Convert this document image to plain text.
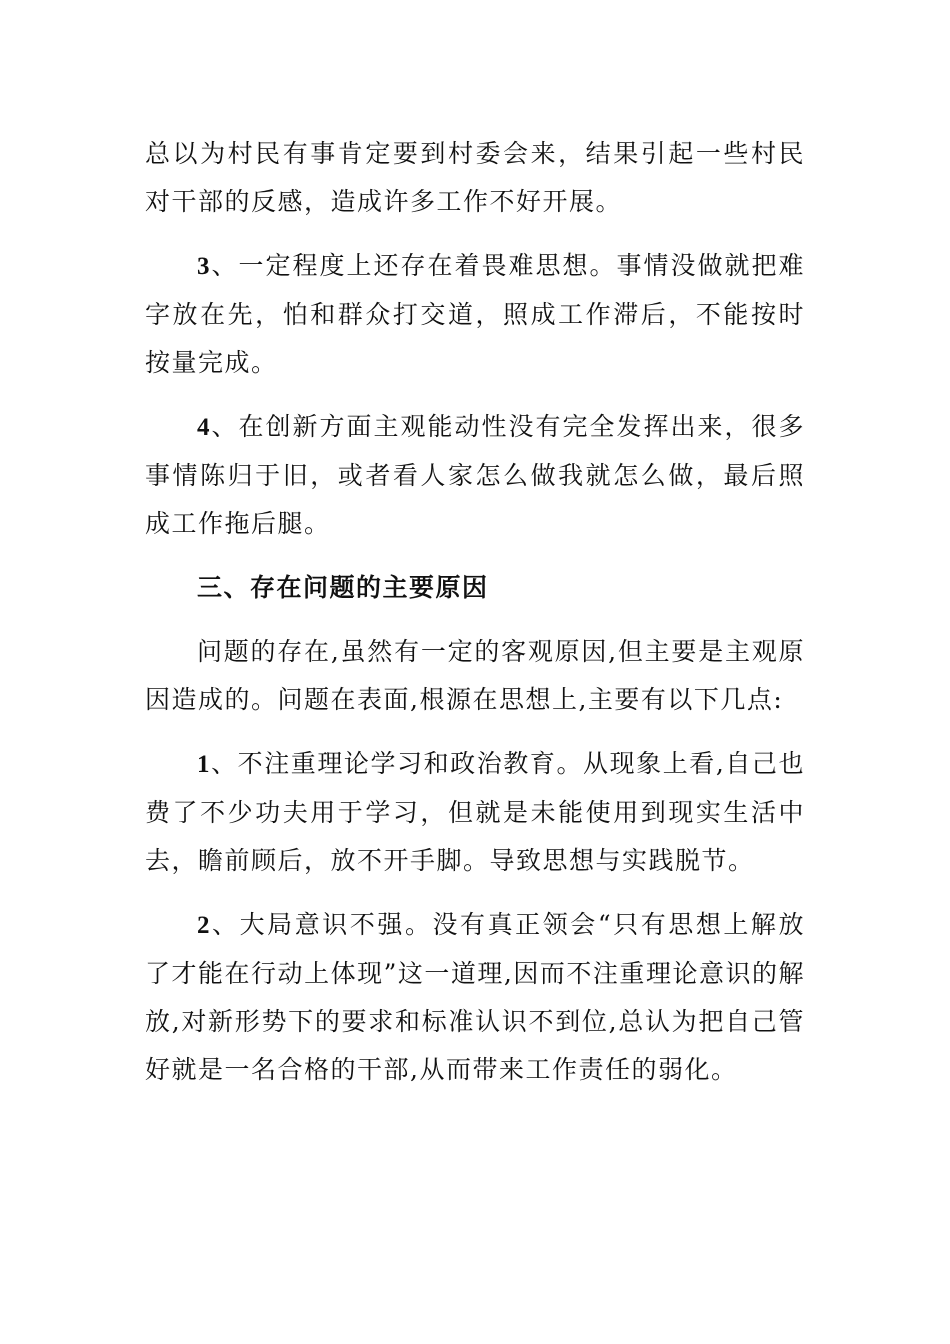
总以为村民有事肯定要到村委会来，结果引起一些村民对干部的反感，造成许多工作不好开展。

3、一定程度上还存在着畏难思想。事情没做就把难字放在先，怕和群众打交道，照成工作滞后，不能按时按量完成。

4、在创新方面主观能动性没有完全发挥出来，很多事情陈归于旧，或者看人家怎么做我就怎么做，最后照成工作拖后腿。

三、存在问题的主要原因

问题的存在,虽然有一定的客观原因,但主要是主观原因造成的。问题在表面,根源在思想上,主要有以下几点:

1、不注重理论学习和政治教育。从现象上看,自己也费了不少功夫用于学习，但就是未能使用到现实生活中去，瞻前顾后，放不开手脚。导致思想与实践脱节。

2、大局意识不强。没有真正领会“只有思想上解放了才能在行动上体现”这一道理,因而不注重理论意识的解放,对新形势下的要求和标准认识不到位,总认为把自己管好就是一名合格的干部,从而带来工作责任的弱化。
